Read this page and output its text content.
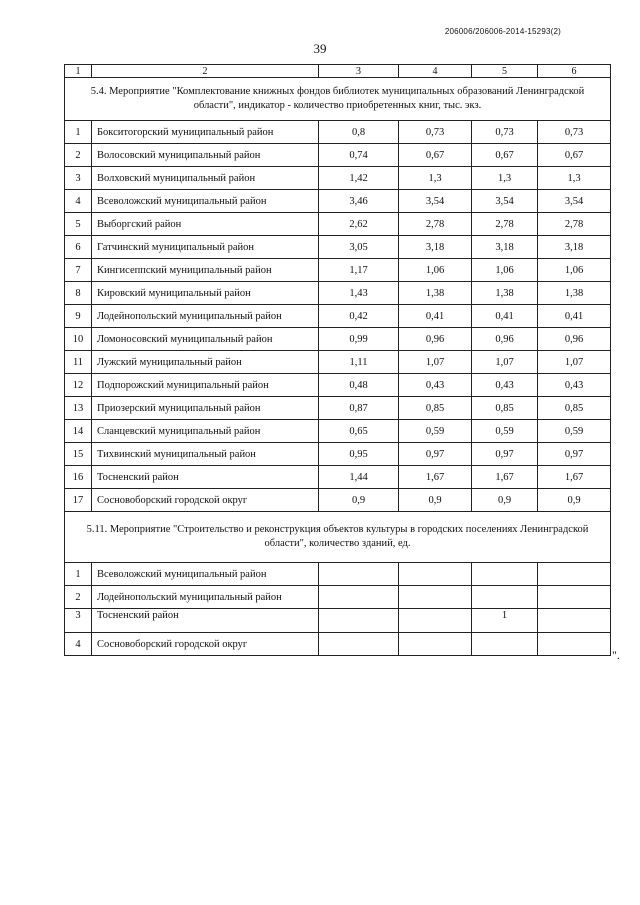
206006/206006-2014-15293(2)
39
1	2	3	4	5	6
5.4. Мероприятие "Комплектование книжных фондов библиотек муниципальных образований Ленинградской области", индикатор - количество приобретенных книг, тыс. экз.					
1	Бокситогорский муниципальный район	0,8	0,73	0,73	0,73
2	Волосовский муниципальный район	0,74	0,67	0,67	0,67
3	Волховский муниципальный район	1,42	1,3	1,3	1,3
4	Всеволожский муниципальный район	3,46	3,54	3,54	3,54
5	Выборгский район	2,62	2,78	2,78	2,78
6	Гатчинский муниципальный район	3,05	3,18	3,18	3,18
7	Кингисеппский муниципальный район	1,17	1,06	1,06	1,06
8	Кировский муниципальный район	1,43	1,38	1,38	1,38
9	Лодейнопольский муниципальный район	0,42	0,41	0,41	0,41
10	Ломоносовский муниципальный район	0,99	0,96	0,96	0,96
11	Лужский муниципальный район	1,11	1,07	1,07	1,07
12	Подпорожский муниципальный район	0,48	0,43	0,43	0,43
13	Приозерский муниципальный район	0,87	0,85	0,85	0,85
14	Сланцевский муниципальный район	0,65	0,59	0,59	0,59
15	Тихвинский муниципальный район	0,95	0,97	0,97	0,97
16	Тосненский район	1,44	1,67	1,67	1,67
17	Сосновоборский городской округ	0,9	0,9	0,9	0,9
5.11. Мероприятие "Строительство и реконструкция объектов культуры в городских поселениях Ленинградской области", количество зданий, ед.					
1	Всеволожский муниципальный район				
2	Лодейнопольский муниципальный район				
3	Тосненский район			1	
4	Сосновоборский городской округ				
".
